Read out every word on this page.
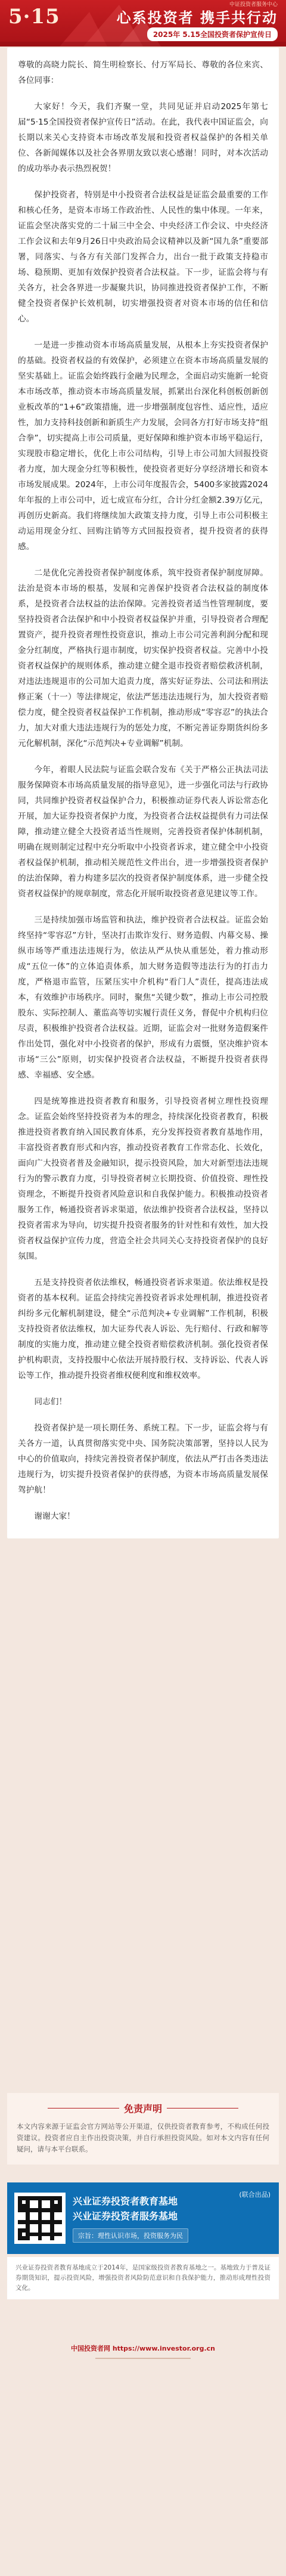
5·15	中证投资者服务中心
心系投资者 携手共行动
2025年 5.15全国投资者保护宣传日

尊敬的高晓力院长、简生明检察长、付万军局长、尊敬的各位来宾、各位同事：

大家好！今天，我们齐聚一堂，共同见证并启动2025年第七届“5·15全国投资者保护宣传日”活动。在此，我代表中国证监会，向长期以来关心支持资本市场改革发展和投资者权益保护的各相关单位、各新闻媒体以及社会各界朋友致以衷心感谢！同时，对本次活动的成功举办表示热烈祝贺！

保护投资者，特别是中小投资者合法权益是证监会最重要的工作和核心任务，是资本市场工作政治性、人民性的集中体现。一年来，证监会坚决落实党的二十届三中全会、中央经济工作会议、中央经济工作会议和去年9月26日中央政治局会议精神以及新“国九条”重要部署，同落实、与各方有关部门发挥合力，出台一批于政策支持稳市场、稳预期、更加有效保护投资者合法权益。下一步，证监会将与有关各方，社会各界进一步凝聚共识，协同推进投资者保护工作，不断健全投资者保护长效机制，切实增强投资者对资本市场的信任和信心。

一是进一步推动资本市场高质量发展，从根本上夯实投资者保护的基础。投资者权益的有效保护，必须建立在资本市场高质量发展的坚实基础上。证监会始终践行金融为民理念，全面启动实施新一轮资本市场改革，推动资本市场高质量发展，抓紧出台深化科创板创新创业板改革的“1+6”政策措施，进一步增强制度包容性、适应性，适应性，加力支持科技创新和新质生产力发展，会同各方打好市场支持“组合拳”，切实提高上市公司质量，更好保障和维护资本市场平稳运行，实现股市稳定增长，优化上市公司结构，引导上市公司加大回报投资者力度，加大现金分红等积极性，使投资者更好分享经济增长和资本市场发展成果。2024年，上市公司年度报告会，5400多家披露2024年年报的上市公司中，近七成宣布分红，合计分红金额2.39万亿元，再创历史新高。我们将继续加大政策支持力度，引导上市公司积极主动运用现金分红、回购注销等方式回报投资者，提升投资者的获得感。

二是优化完善投资者保护制度体系，筑牢投资者保护制度屏障。法治是资本市场的根基，发展和完善保护投资者合法权益的制度体系，是投资者合法权益的法治保障。完善投资者适当性管理制度，要坚持投资者合法保护和中小投资者权益保护并重，引导投资者合理配置资产，提升投资者理性投资意识，推动上市公司完善利润分配和现金分红制度，严格执行退市制度，切实保护投资者权益。完善中小投资者权益保护的规则体系，推动建立健全退市投资者赔偿救济机制，对违法违规退市的公司加大追责力度，落实好证券法、公司法和刑法修正案（十一）等法律规定，依法严惩违法违规行为，加大投资者赔偿力度，健全投资者权益保护工作机制，推动形成“零容忍”的执法合力，加大对重大违法违规行为的惩处力度，不断完善证券期货纠纷多元化解机制，深化“示范判决+专业调解”机制。

今年，着眼人民法院与证监会联合发布《关于严格公正执法司法 服务保障资本市场高质量发展的指导意见》，进一步强化司法与行政协同，共同维护投资者权益保护合力，积极推动证券代表人诉讼常态化开展，加大证券投资者保护力度，为投资者合法权益提供有力司法保障，推动建立健全大投资者适当性规则，完善投资者保护体制机制，明确在规则制定过程中充分听取中小投资者诉求，建立健全中小投资者权益保护机制，推动相关规范性文件出台，进一步增强投资者保护的法治保障，着力构建多层次的投资者保护制度体系，进一步健全投资者权益保护的规章制度，常态化开展听取投资者意见建议等工作。

三是持续加强市场监管和执法，维护投资者合法权益。证监会始终坚持“零容忍”方针，坚决打击欺诈发行、财务造假、内幕交易、操纵市场等严重违法违规行为，依法从严从快从重惩处，着力推动形成“五位一体”的立体追责体系，加大财务造假等违法行为的打击力度，严格退市监管，压紧压实中介机构“看门人”责任，提高违法成本，有效维护市场秩序。同时，聚焦“关键少数”，推动上市公司控股股东、实际控制人、董监高等切实履行责任义务，督促中介机构归位尽责，积极维护投资者合法权益。近期，证监会对一批财务造假案件作出处罚，强化对中小投资者的保护，形成有力震慑，坚决维护资本市场“三公”原则，切实保护投资者合法权益，不断提升投资者获得感、幸福感、安全感。

四是统筹推进投资者教育和服务，引导投资者树立理性投资理念。证监会始终坚持投资者为本的理念，持续深化投资者教育，积极推进投资者教育纳入国民教育体系，充分发挥投资者教育基地作用，丰富投资者教育形式和内容，推动投资者教育工作常态化、长效化，面向广大投资者普及金融知识，提示投资风险，加大对新型违法违规行为的警示教育力度，引导投资者树立长期投资、价值投资、理性投资理念，不断提升投资者风险意识和自我保护能力。积极推动投资者服务工作，畅通投资者诉求渠道，依法维护投资者合法权益，坚持以投资者需求为导向，切实提升投资者服务的针对性和有效性，加大投资者权益保护宣传力度，营造全社会共同关心支持投资者保护的良好氛围。

五是支持投资者依法维权，畅通投资者诉求渠道。依法维权是投资者的基本权利。证监会持续完善投资者诉求处理机制，推进投资者纠纷多元化解机制建设，健全“示范判决+专业调解”工作机制，积极支持投资者依法维权，加大证券代表人诉讼、先行赔付、行政和解等制度的实施力度，推动建立健全投资者赔偿救济机制。强化投资者保护机构职责，支持投服中心依法开展持股行权、支持诉讼、代表人诉讼等工作，推动提升投资者维权便利度和维权效率。

同志们！

投资者保护是一项长期任务、系统工程。下一步，证监会将与有关各方一道，认真贯彻落实党中央、国务院决策部署，坚持以人民为中心的价值取向，持续完善投资者保护制度，依法从严打击各类违法违规行为，切实提升投资者保护的获得感，为资本市场高质量发展保驾护航！

谢谢大家！

免责声明
本文内容来源于证监会官方网站等公开渠道，仅供投资者教育参考，不构成任何投资建议。投资者应自主作出投资决策，并自行承担投资风险。如对本文内容有任何疑问，请与本平台联系。
兴业证券投资者教育基地
兴业证券投资者服务基地
宗旨：理性认识市场，投资服务为民
(联合出品)
兴业证券投资者教育基地成立于2014年，是国家级投资者教育基地之一。基地致力于普及证券期货知识，提示投资风险，增强投资者风险防范意识和自我保护能力，推动形成理性投资文化。
中国投资者网 https://www.investor.org.cn
